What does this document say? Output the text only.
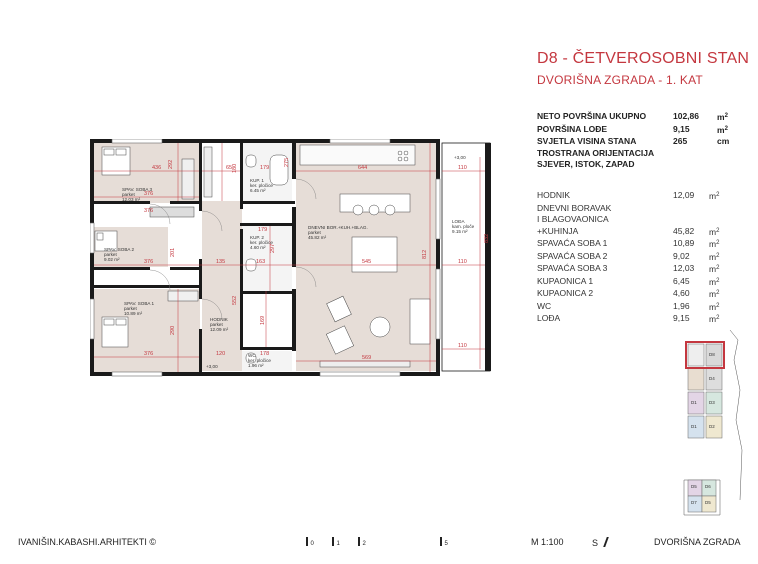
D8 - ČETVEROSOBNI STAN
DVORIŠNA ZGRADA - 1. KAT
NETO POVRŠINA UKUPNO	102,86	$m^2$
POVRŠINA LOĐE	9,15	$m^2$
SVJETLA VISINA STANA	265	cm
TROSTRANA ORIJENTACIJA
SJEVER, ISTOK, ZAPAD
HODNIK	12,09	$m^2$
DNEVNI BORAVAK
I BLAGOVAONICA
+KUHINJA	45,82	$m^2$
SPAVAĆA SOBA 1	10,89	$m^2$
SPAVAĆA SOBA 2	9,02	$m^2$
SPAVAĆA SOBA 3	12,03	$m^2$
KUPAONICA 1	6,45	$m^2$
KUPAONICA 2	4,60	$m^2$
WC	1,96	$m^2$
LOĐA	9,15	$m^2$
SPAV. SOBA 3
parket
12.03 m²
SPAV. SOBA 2
parket
9.02 m²
SPAV. SOBA 1
parket
10.89 m²
KUP. 1
ker. pločice
6.45 m²
KUP. 2
ker. pločice
4.60 m²
WC
ker. pločice
1.96 m²
HODNIK
parket
12.09 m²
DNEVNI BOR.+KUH.+BLAG.
parket
45.82 m²
LOĐA
kam. ploče
9.15 m²
+3,00
+3,00
436	179
65	644	110
376
292	180
275
179
376
376
201
135	163	545
812
110
832
297
552
169
290
376	120	178
569
110
D8
D4
D3
D2
D1
D5 D6
D7 D5
D1
IVANIŠIN.KABASHI.ARHITEKTI ©	0	1	2	5	M 1:100	S	DVORIŠNA ZGRADA
